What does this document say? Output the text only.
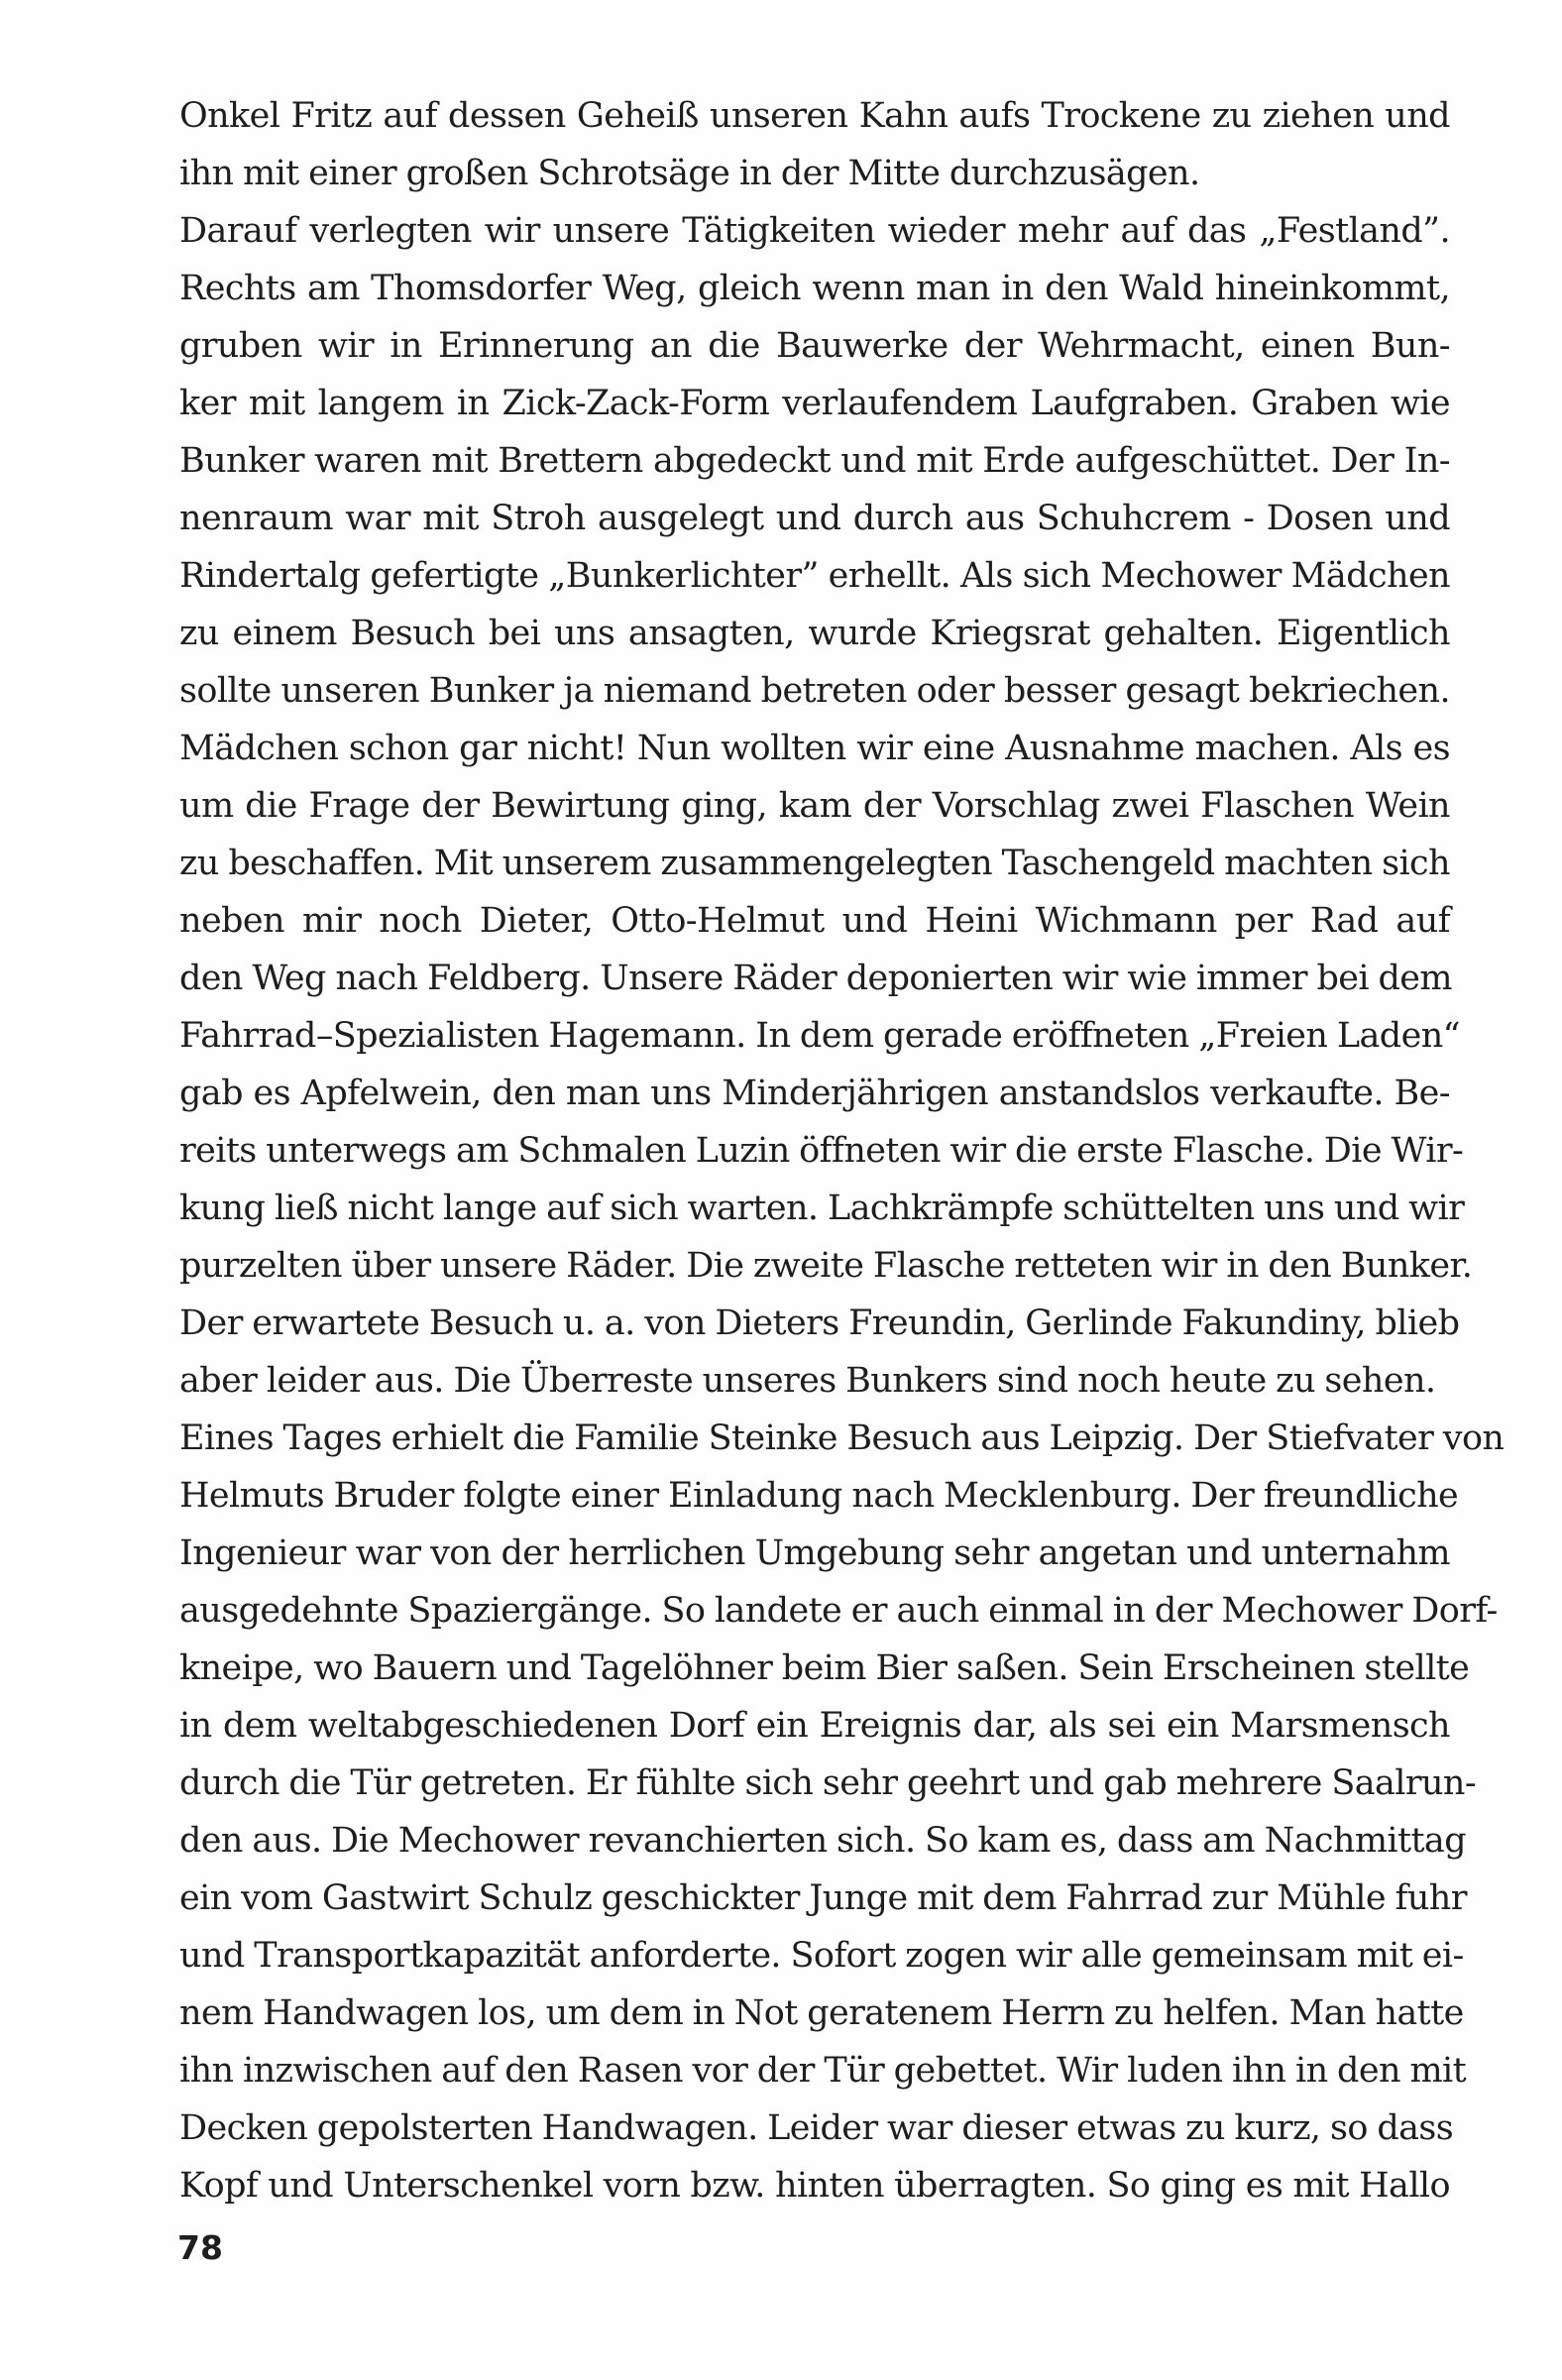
Onkel Fritz auf dessen Geheiß unseren Kahn aufs Trockene zu ziehen und
ihn mit einer großen Schrotsäge in der Mitte durchzusägen.
Darauf verlegten wir unsere Tätigkeiten wieder mehr auf das „Festland”.
Rechts am Thomsdorfer Weg, gleich wenn man in den Wald hineinkommt,
gruben wir in Erinnerung an die Bauwerke der Wehrmacht, einen Bun-
ker mit langem in Zick-Zack-Form verlaufendem Laufgraben. Graben wie
Bunker waren mit Brettern abgedeckt und mit Erde aufgeschüttet. Der In-
nenraum war mit Stroh ausgelegt und durch aus Schuhcrem - Dosen und
Rindertalg gefertigte „Bunkerlichter” erhellt. Als sich Mechower Mädchen
zu einem Besuch bei uns ansagten, wurde Kriegsrat gehalten. Eigentlich
sollte unseren Bunker ja niemand betreten oder besser gesagt bekriechen.
Mädchen schon gar nicht! Nun wollten wir eine Ausnahme machen. Als es
um die Frage der Bewirtung ging, kam der Vorschlag zwei Flaschen Wein
zu beschaffen. Mit unserem zusammengelegten Taschengeld machten sich
neben mir noch Dieter, Otto-Helmut und Heini Wichmann per Rad auf
den Weg nach Feldberg. Unsere Räder deponierten wir wie immer bei dem
Fahrrad–Spezialisten Hagemann. In dem gerade eröffneten „Freien Laden“
gab es Apfelwein, den man uns Minderjährigen anstandslos verkaufte. Be-
reits unterwegs am Schmalen Luzin öffneten wir die erste Flasche. Die Wir-
kung ließ nicht lange auf sich warten. Lachkrämpfe schüttelten uns und wir
purzelten über unsere Räder. Die zweite Flasche retteten wir in den Bunker.
Der erwartete Besuch u. a. von Dieters Freundin, Gerlinde Fakundiny, blieb
aber leider aus. Die Überreste unseres Bunkers sind noch heute zu sehen.
Eines Tages erhielt die Familie Steinke Besuch aus Leipzig. Der Stiefvater von
Helmuts Bruder folgte einer Einladung nach Mecklenburg. Der freundliche
Ingenieur war von der herrlichen Umgebung sehr angetan und unternahm
ausgedehnte Spaziergänge. So landete er auch einmal in der Mechower Dorf-
kneipe, wo Bauern und Tagelöhner beim Bier saßen. Sein Erscheinen stellte
in dem weltabgeschiedenen Dorf ein Ereignis dar, als sei ein Marsmensch
durch die Tür getreten. Er fühlte sich sehr geehrt und gab mehrere Saalrun-
den aus. Die Mechower revanchierten sich. So kam es, dass am Nachmittag
ein vom Gastwirt Schulz geschickter Junge mit dem Fahrrad zur Mühle fuhr
und Transportkapazität anforderte. Sofort zogen wir alle gemeinsam mit ei-
nem Handwagen los, um dem in Not geratenem Herrn zu helfen. Man hatte
ihn inzwischen auf den Rasen vor der Tür gebettet. Wir luden ihn in den mit
Decken gepolsterten Handwagen. Leider war dieser etwas zu kurz, so dass
Kopf und Unterschenkel vorn bzw. hinten überragten. So ging es mit Hallo
78
